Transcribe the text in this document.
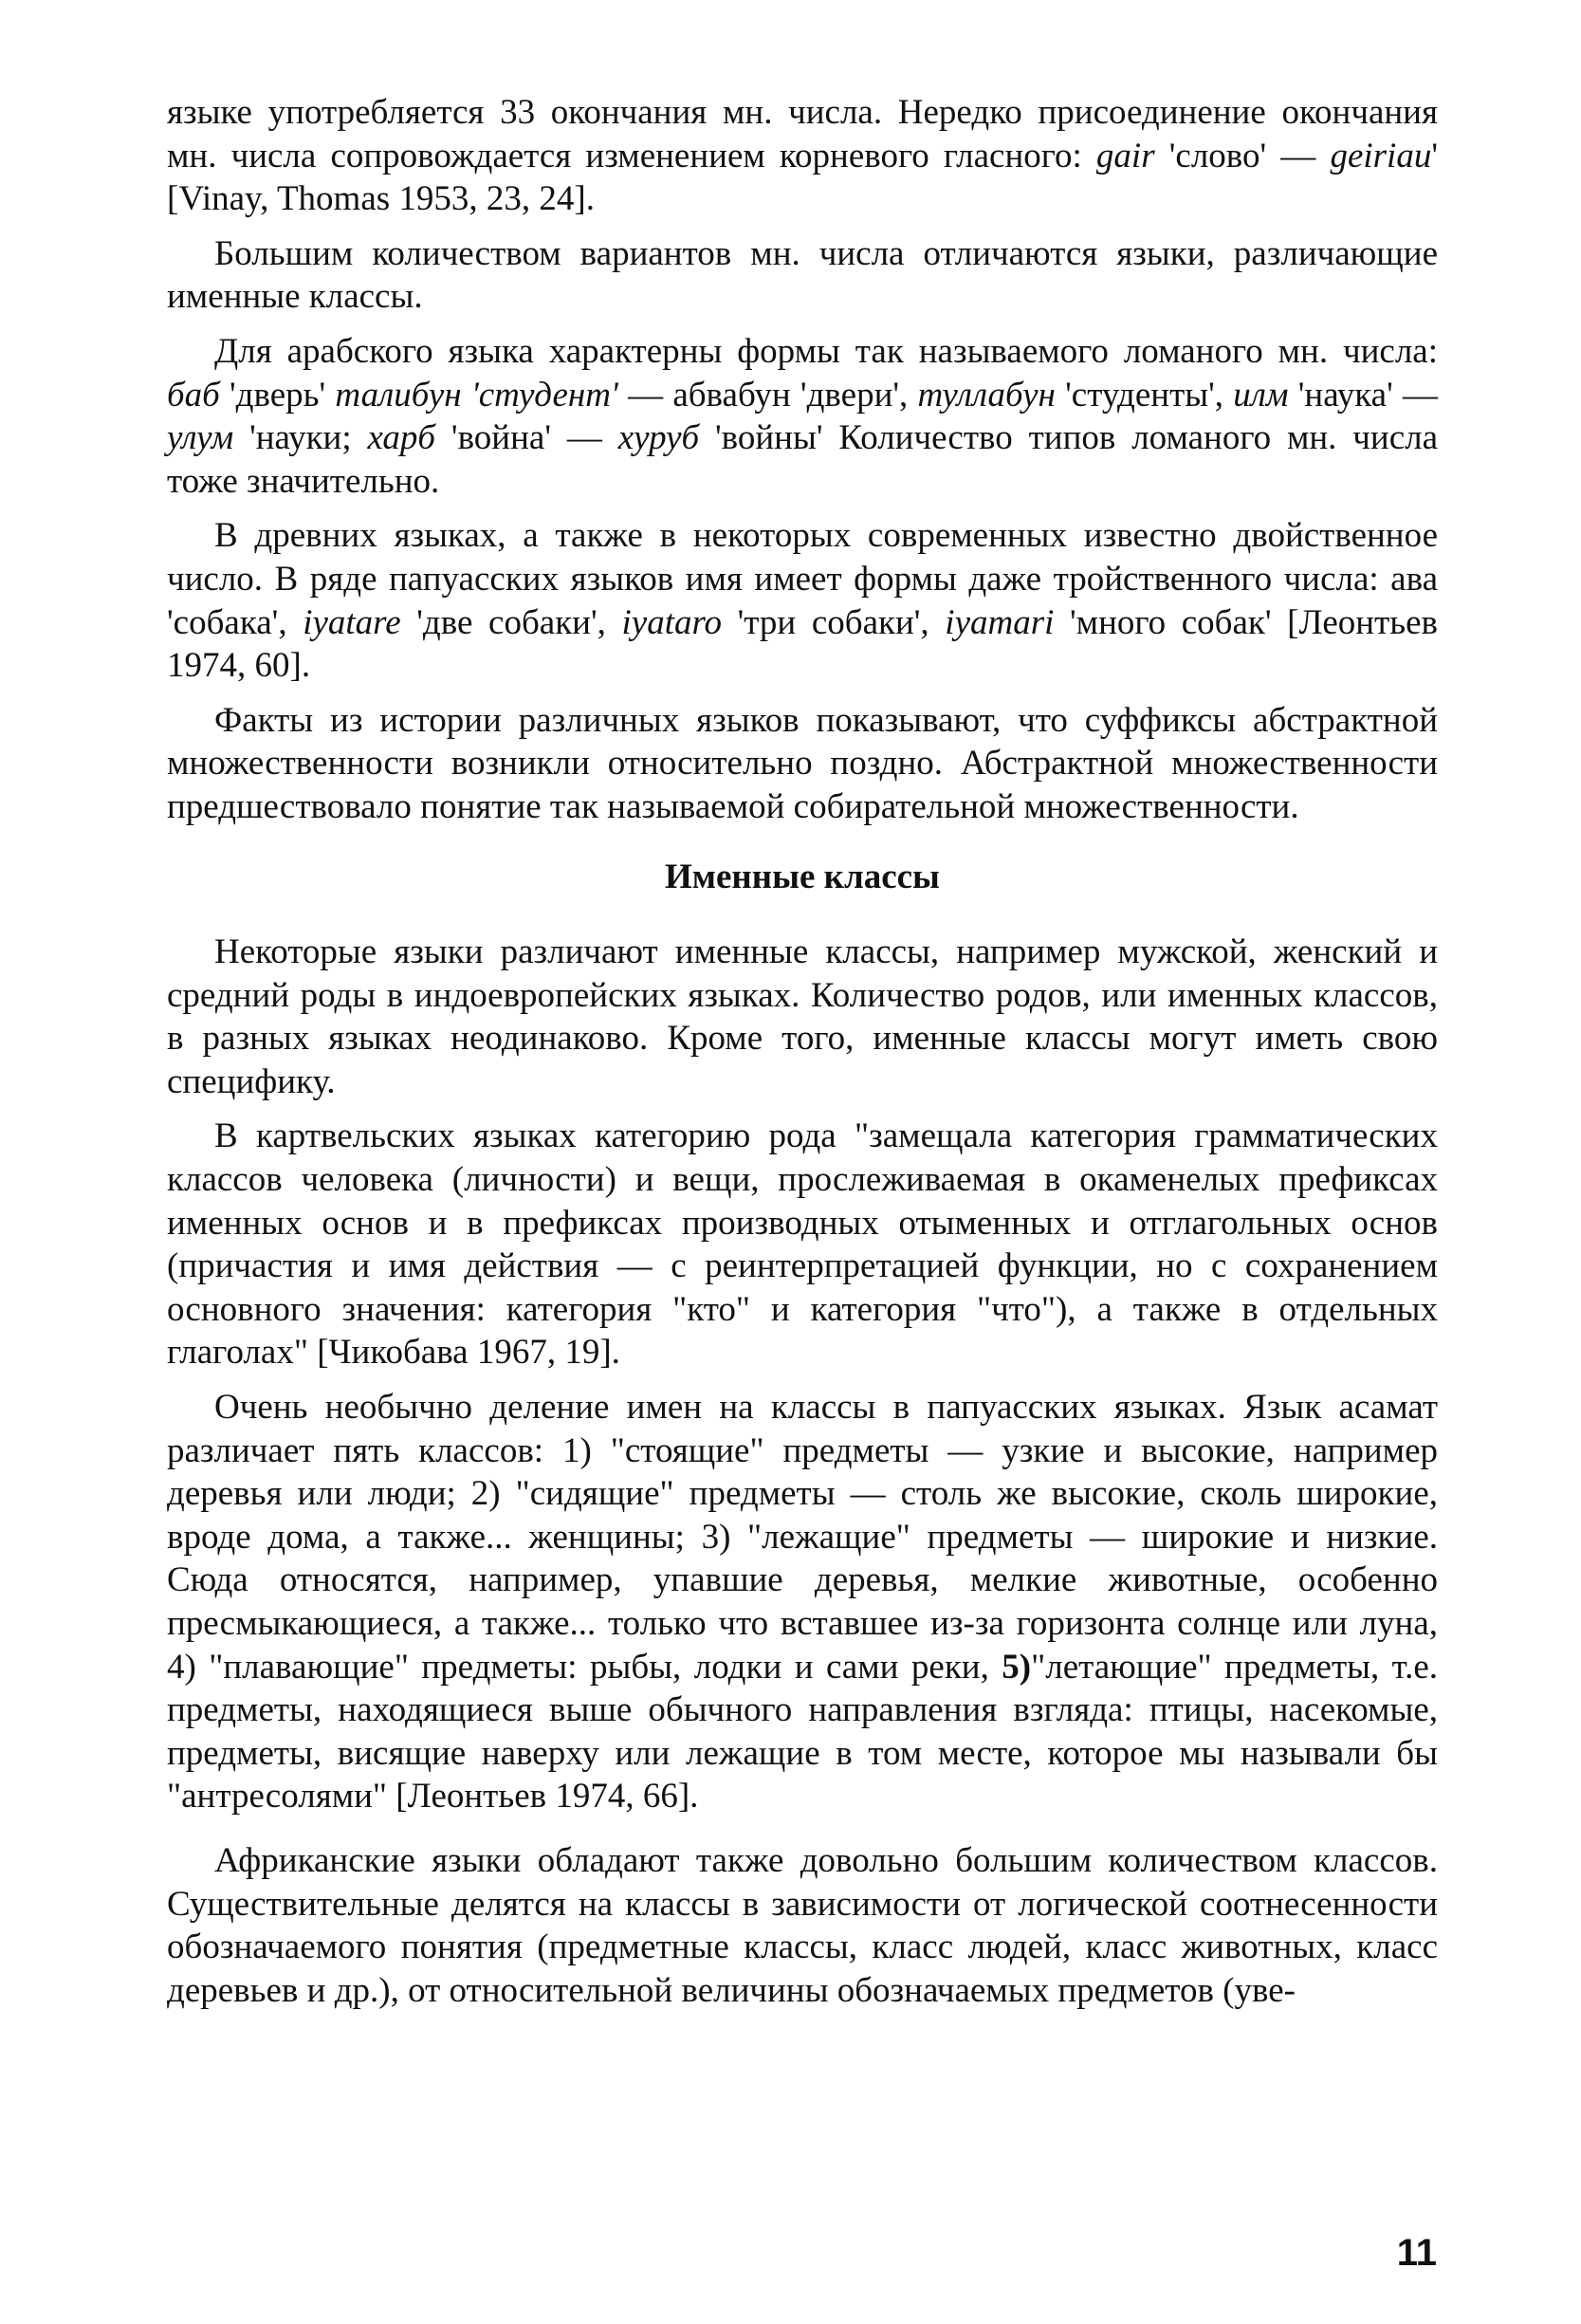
языке употребляется 33 окончания мн. числа. Нередко присоединение окончания мн. числа сопровождается изменением корневого гласного: gair 'слово' — geiriau' [Vinay, Thomas 1953, 23, 24].

Большим количеством вариантов мн. числа отличаются языки, различающие именные классы.

Для арабского языка характерны формы так называемого ломаного мн. числа: баб 'дверь' талибун 'студент' — абвабун 'двери', туллабун 'студенты', илм 'наука' — улум 'науки; харб 'война' — хуруб 'войны' Количество типов ломаного мн. числа тоже значительно.

В древних языках, а также в некоторых современных известно двойственное число. В ряде папуасских языков имя имеет формы даже тройственного числа: ава 'собака', iyatare 'две собаки', iyataro 'три собаки', iyamari 'много собак' [Леонтьев 1974, 60].

Факты из истории различных языков показывают, что суффиксы абстрактной множественности возникли относительно поздно. Абстрактной множественности предшествовало понятие так называемой собирательной множественности.

Именные классы

Некоторые языки различают именные классы, например мужской, женский и средний роды в индоевропейских языках. Количество родов, или именных классов, в разных языках неодинаково. Кроме того, именные классы могут иметь свою специфику.

В картвельских языках категорию рода "замещала категория грамматических классов человека (личности) и вещи, прослеживаемая в окаменелых префиксах именных основ и в префиксах производных отыменных и отглагольных основ (причастия и имя действия — с реинтерпретацией функции, но с сохранением основного значения: категория "кто" и категория "что"), а также в отдельных глаголах" [Чикобава 1967, 19].

Очень необычно деление имен на классы в папуасских языках. Язык асамат различает пять классов: 1) "стоящие" предметы — узкие и высокие, например деревья или люди; 2) "сидящие" предметы — столь же высокие, сколь широкие, вроде дома, а также... женщины; 3) "лежащие" предметы — широкие и низкие. Сюда относятся, например, упавшие деревья, мелкие животные, особенно пресмыкающиеся, а также... только что вставшее из-за горизонта солнце или луна, 4) "плавающие" предметы: рыбы, лодки и сами реки, 5)"летающие" предметы, т.е. предметы, находящиеся выше обычного направления взгляда: птицы, насекомые, предметы, висящие наверху или лежащие в том месте, которое мы называли бы "антресолями" [Леонтьев 1974, 66].

Африканские языки обладают также довольно большим количеством классов. Существительные делятся на классы в зависимости от логической соотнесенности обозначаемого понятия (предметные классы, класс людей, класс животных, класс деревьев и др.), от относительной величины обозначаемых предметов (уве-

11
